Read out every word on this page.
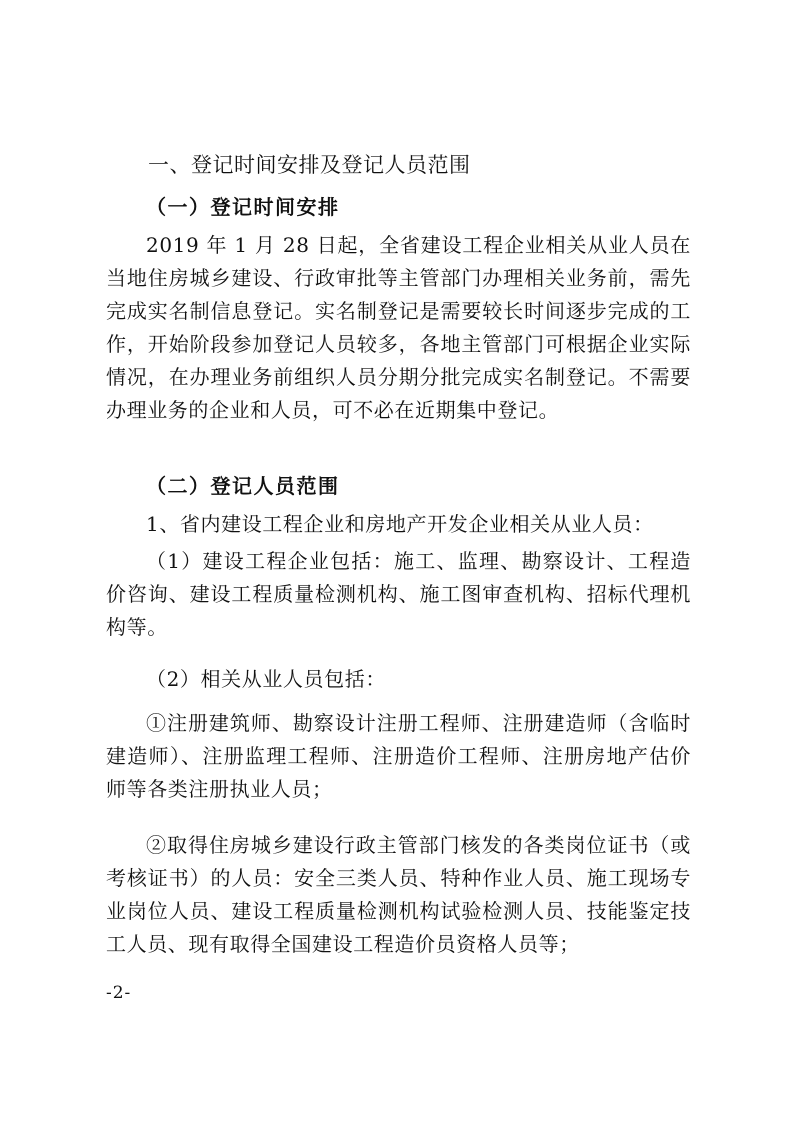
一、登记时间安排及登记人员范围

（一）登记时间安排

2019 年 1 月 28 日起，全省建设工程企业相关从业人员在当地住房城乡建设、行政审批等主管部门办理相关业务前，需先完成实名制信息登记。实名制登记是需要较长时间逐步完成的工作，开始阶段参加登记人员较多，各地主管部门可根据企业实际情况，在办理业务前组织人员分期分批完成实名制登记。不需要办理业务的企业和人员，可不必在近期集中登记。

（二）登记人员范围

1、省内建设工程企业和房地产开发企业相关从业人员：

（1）建设工程企业包括：施工、监理、勘察设计、工程造价咨询、建设工程质量检测机构、施工图审查机构、招标代理机构等。

（2）相关从业人员包括：

①注册建筑师、勘察设计注册工程师、注册建造师（含临时建造师）、注册监理工程师、注册造价工程师、注册房地产估价师等各类注册执业人员；

②取得住房城乡建设行政主管部门核发的各类岗位证书（或考核证书）的人员：安全三类人员、特种作业人员、施工现场专业岗位人员、建设工程质量检测机构试验检测人员、技能鉴定技工人员、现有取得全国建设工程造价员资格人员等；

-2-
